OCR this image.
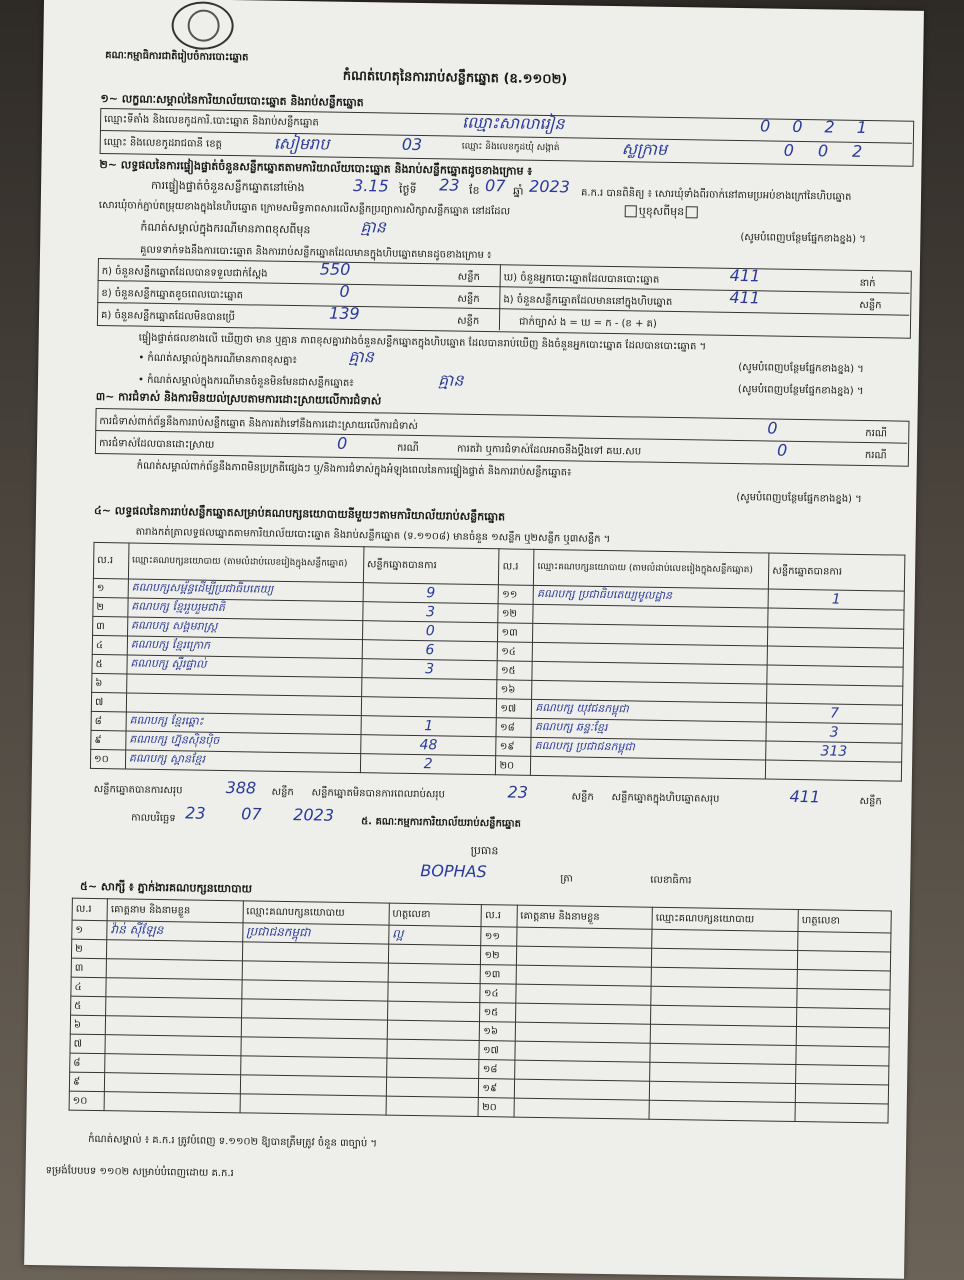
គណៈកម្មាធិការជាតិរៀបចំការបោះឆ្នោត
កំណត់ហេតុនៃការរាប់សន្លឹកឆ្នោត (ឧ.១១០២)
១~ លក្ខណៈសម្គាល់នៃការិយាល័យបោះឆ្នោត និងរាប់សន្លឹកឆ្នោត
ឈ្មោះទីតាំង និងលេខកូដការិ.បោះឆ្នោត និងរាប់សន្លឹកឆ្នោត	ឈ្មោះសាលារៀន	0021
ឈ្មោះ និងលេខកូដរាជធានី ខេត្ត	សៀមរាប	03	ឈ្មោះ និងលេខកូដឃុំ សង្កាត់	ស្លក្រាម	002
២~ លទ្ធផលនៃការផ្ទៀងផ្ទាត់ចំនួនសន្លឹកឆ្នោតតាមការិយាល័យបោះឆ្នោត និងរាប់សន្លឹកឆ្នោតដូចខាងក្រោម ៖
ការផ្ទៀងផ្ទាត់ចំនួនសន្លឹកឆ្នោតនៅម៉ោង	3.15 ថ្ងៃទី 23 ខែ 07 ឆ្នាំ 2023 គ.ក.រ បានពិនិត្យ ៖ សោរឃុំទាំងពីរចាក់នៅតាមប្រអប់ខាងក្រៅនៃហិបឆ្នោត
សោរឃុំចាក់ភ្ជាប់តម្រុយខាងក្នុងនៃហិបឆ្នោត ក្រោមសមិទ្ធភាពសារលើសន្លឹកប្រព្យាការសិក្សាសន្លឹកឆ្នោត នៅដដែល	ឬខុសពីមុន
កំណត់សម្គាល់ក្នុងករណីមានភាពខុសពីមុន	គ្មាន
(សូមបំពេញបន្ថែមផ្នែកខាងខ្នង) ។
គួលទទាក់ទងនឹងការបោះឆ្នោត និងការរាប់សន្លឹកឆ្នោតដែលមានក្នុងហិបឆ្នោតមានដូចខាងក្រោម ៖
ក) ចំនួនសន្លឹកឆ្នោតដែលបានទទួលជាក់ស្តែង	550	សន្លឹក
ខ) ចំនួនសន្លឹកឆ្នោតខូចពេលបោះឆ្នោត	0	សន្លឹក
គ) ចំនួនសន្លឹកឆ្នោតដែលមិនបានប្រើ	139	សន្លឹក
ឃ) ចំនួនអ្នកបោះឆ្នោតដែលបានបោះឆ្នោត	411	នាក់
ង) ចំនួនសន្លឹកឆ្នោតដែលមាននៅក្នុងហិបឆ្នោត	411	សន្លឹក
ជាក់ច្បាស់ ង = ឃ = ក - (ខ + គ)
ផ្ទៀងផ្ទាត់ផលខាងលើ ឃើញថា មាន ឬគ្មាន ភាពខុសគ្នារវាងចំនួនសន្លឹកឆ្នោតក្នុងហិបឆ្នោត ដែលបានរាប់ឃើញ និងចំនួនអ្នកបោះឆ្នោត ដែលបានបោះឆ្នោត ។
• កំណត់សម្គាល់ក្នុងករណីមានភាពខុសគ្នា៖	គ្មាន
(សូមបំពេញបន្ថែមផ្នែកខាងខ្នង) ។
• កំណត់សម្គាល់ក្នុងករណីមានចំនួនមិនមែនជាសន្លឹកឆ្នោត៖	គ្មាន
(សូមបំពេញបន្ថែមផ្នែកខាងខ្នង) ។
៣~ ការជំទាស់ និងការមិនយល់ស្របតាមការដោះស្រាយលើការជំទាស់
ការជំទាស់ពាក់ព័ន្ធនឹងការរាប់សន្លឹកឆ្នោត និងការតវ៉ាទៅនឹងការដោះស្រាយលើការជំទាស់	0	ករណី
ការជំទាស់ដែលបានដោះស្រាយ	0	ករណី	ការតវ៉ា ឬការជំទាស់ដែលអាចនឹងប្តឹងទៅ គឃ.សប	0	ករណី
កំណត់សម្គាល់ពាក់ព័ន្ធនឹងភាពមិនប្រក្រតីផ្សេងៗ ឬ/និងការជំទាស់ក្នុងអំឡុងពេលនៃការផ្ទៀងផ្ទាត់ និងការរាប់សន្លឹកឆ្នោត៖
(សូមបំពេញបន្ថែមផ្នែកខាងខ្នង) ។
៤~ លទ្ធផលនៃការរាប់សន្លឹកឆ្នោតសម្រាប់គណបក្សនយោបាយនីមួយៗតាមការិយាល័យរាប់សន្លឹកឆ្នោត
តារាងកត់ត្រាលទ្ធផលឆ្នោតតាមការិយាល័យបោះឆ្នោត និងរាប់សន្លឹកឆ្នោត (ទ.១១០៨) មានចំនួន ១សន្លឹក ឬ២សន្លឹក ឬ៣សន្លឹក ។
ល.រ	ឈ្មោះគណបក្សនយោបាយ (តាមលំដាប់លេខរៀងក្នុងសន្លឹកឆ្នោត)	សន្លឹកឆ្នោតបានការ	ល.រ	ឈ្មោះគណបក្សនយោបាយ (តាមលំដាប់លេខរៀងក្នុងសន្លឹកឆ្នោត)	សន្លឹកឆ្នោតបានការ
១	គណបក្សសម្ព័ន្ធដើម្បីប្រជាធិបតេយ្យ	9	១១	គណបក្ស ប្រជាធិបតេយ្យមូលដ្ឋាន	1
២	គណបក្ស ខ្មែររួបរួមជាតិ	3	១២		
៣	គណបក្ស សង្គមរាស្ត្រ	0	១៣		
៤	គណបក្ស ខ្មែរក្រោក	6	១៤		
៥	គណបក្ស ស្ពឺរផ្ទាល់	3	១៥		
៦			១៦		
៧			១៧	គណបក្ស យុវជនកម្ពុជា	7
៨	គណបក្ស ខ្មែរឆ្ពោះ	1	១៨	គណបក្ស ឆន្ទៈខ្មែរ	3
៩	គណបក្ស ហ្វ៊ុនស៊ិនប៉ិច	48	១៩	គណបក្ស ប្រជាជនកម្ពុជា	313
១០	គណបក្ស ស្ពានខ្មែរ	2	២០		
សន្លឹកឆ្នោតបានការសរុប	388 សន្លឹក សន្លឹកឆ្នោតមិនបានការពេលរាប់សរុប	23	សន្លឹក សន្លឹកឆ្នោតក្នុងហិបឆ្នោតសរុប	411	សន្លឹក
កាលបរិច្ឆេទ 23 07 2023	៥. គណៈកម្មការការិយាល័យរាប់សន្លឹកឆ្នោត
ប្រធាន
BOPHAS	ត្រា	លេខាធិការ
៥~ សាក្សី ៖ ភ្នាក់ងារគណបក្សនយោបាយ
ល.រ	គោត្តនាម និងនាមខ្លួន	ឈ្មោះគណបក្សនយោបាយ	ហត្ថលេខា	ល.រ	គោត្តនាម និងនាមខ្លួន	ឈ្មោះគណបក្សនយោបាយ	ហត្ថលេខា
១	វ៉ាន់ ស៊ីឡែន	ប្រជាជនកម្ពុជា	ល្អ	១១			
២				១២			
៣				១៣			
៤				១៤			
៥				១៥			
៦				១៦			
៧				១៧			
៨				១៨			
៩				១៩			
១០				២០			
កំណត់សម្គាល់ ៖ គ.ក.រ ត្រូវបំពេញ ទ.១១០២ ឱ្យបានត្រឹមត្រូវ ចំនួន ៣ច្បាប់ ។
ទម្រង់បែបបទ ១១០២ សម្រាប់បំពេញដោយ គ.ក.រ
